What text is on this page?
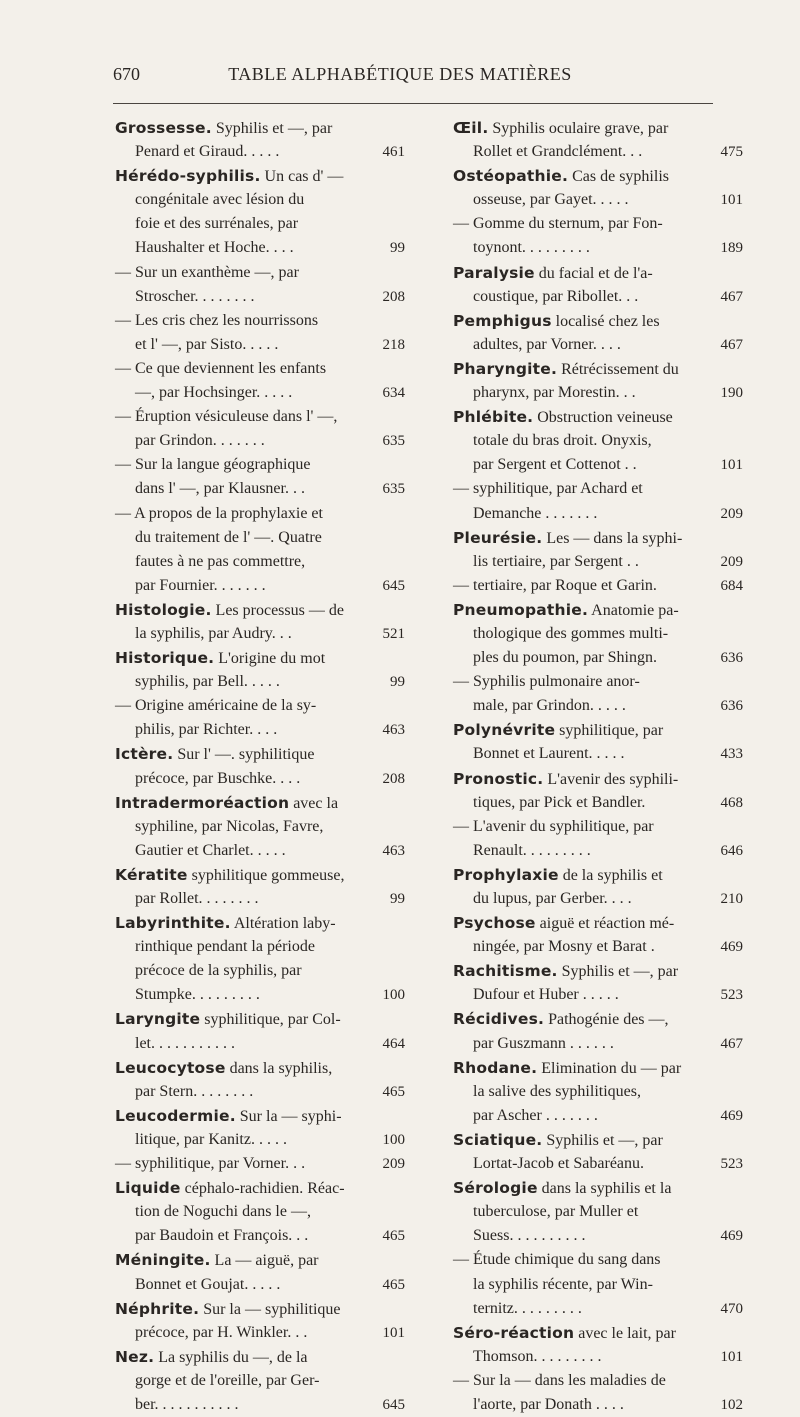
670	TABLE ALPHABÉTIQUE DES MATIÈRES
Grossesse. Syphilis et —, par
Penard et Giraud. . . . .	461
Hérédo-syphilis. Un cas d' —
congénitale avec lésion du
foie et des surrénales, par
Haushalter et Hoche. . . .	99
— Sur un exanthème —, par
Stroscher. . . . . . . .	208
— Les cris chez les nourrissons
et l' —, par Sisto. . . . .	218
— Ce que deviennent les enfants
—, par Hochsinger. . . . .	634
— Éruption vésiculeuse dans l' —,
par Grindon. . . . . . .	635
— Sur la langue géographique
dans l' —, par Klausner. . .	635
— A propos de la prophylaxie et
du traitement de l' —. Quatre
fautes à ne pas commettre,
par Fournier. . . . . . .	645
Histologie. Les processus — de
la syphilis, par Audry. . .	521
Historique. L'origine du mot
syphilis, par Bell. . . . .	99
— Origine américaine de la sy-
philis, par Richter. . . .	463
Ictère. Sur l' —. syphilitique
précoce, par Buschke. . . .	208
Intradermoréaction avec la
syphiline, par Nicolas, Favre,
Gautier et Charlet. . . . .	463
Kératite syphilitique gommeuse,
par Rollet. . . . . . . .	99
Labyrinthite. Altération laby-
rinthique pendant la période
précoce de la syphilis, par
Stumpke. . . . . . . . .	100
Laryngite syphilitique, par Col-
let. . . . . . . . . . .	464
Leucocytose dans la syphilis,
par Stern. . . . . . . .	465
Leucodermie. Sur la — syphi-
litique, par Kanitz. . . . .	100
— syphilitique, par Vorner. . .	209
Liquide céphalo-rachidien. Réac-
tion de Noguchi dans le —,
par Baudoin et François. . .	465
Méningite. La — aiguë, par
Bonnet et Goujat. . . . .	465
Néphrite. Sur la — syphilitique
précoce, par H. Winkler. . .	101
Nez. La syphilis du —, de la
gorge et de l'oreille, par Ger-
ber. . . . . . . . . . .	645
Œil. Syphilis oculaire grave, par
Rollet et Grandclément. . .	475
Ostéopathie. Cas de syphilis
osseuse, par Gayet. . . . .	101
— Gomme du sternum, par Fon-
toynont. . . . . . . . .	189
Paralysie du facial et de l'a-
coustique, par Ribollet. . .	467
Pemphigus localisé chez les
adultes, par Vorner. . . .	467
Pharyngite. Rétrécissement du
pharynx, par Morestin. . .	190
Phlébite. Obstruction veineuse
totale du bras droit. Onyxis,
par Sergent et Cottenot . .	101
— syphilitique, par Achard et
Demanche . . . . . . .	209
Pleurésie. Les — dans la syphi-
lis tertiaire, par Sergent . .	209
— tertiaire, par Roque et Garin.	684
Pneumopathie. Anatomie pa-
thologique des gommes multi-
ples du poumon, par Shingn.	636
— Syphilis pulmonaire anor-
male, par Grindon. . . . .	636
Polynévrite syphilitique, par
Bonnet et Laurent. . . . .	433
Pronostic. L'avenir des syphili-
tiques, par Pick et Bandler.	468
— L'avenir du syphilitique, par
Renault. . . . . . . . .	646
Prophylaxie de la syphilis et
du lupus, par Gerber. . . .	210
Psychose aiguë et réaction mé-
ningée, par Mosny et Barat .	469
Rachitisme. Syphilis et —, par
Dufour et Huber . . . . .	523
Récidives. Pathogénie des —,
par Guszmann . . . . . .	467
Rhodane. Elimination du — par
la salive des syphilitiques,
par Ascher . . . . . . .	469
Sciatique. Syphilis et —, par
Lortat-Jacob et Sabaréanu.	523
Sérologie dans la syphilis et la
tuberculose, par Muller et
Suess. . . . . . . . . .	469
— Étude chimique du sang dans
la syphilis récente, par Win-
ternitz. . . . . . . . .	470
Séro-réaction avec le lait, par
Thomson. . . . . . . . .	101
— Sur la — dans les maladies de
l'aorte, par Donath . . . .	102
